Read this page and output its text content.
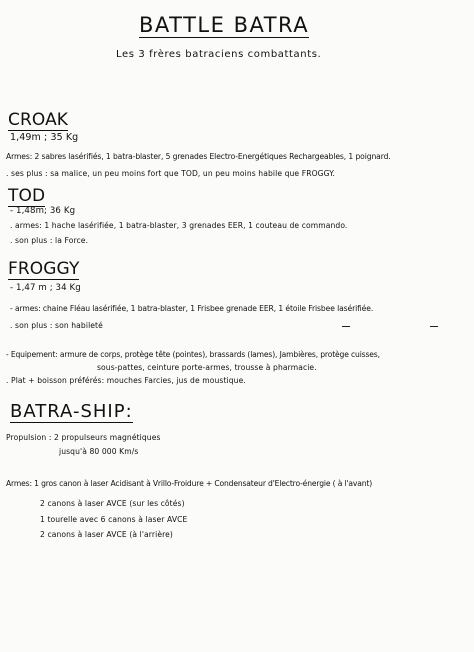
BATTLE BATRA
Les 3 frères batraciens combattants.
CROAK
1,49m ; 35 Kg
Armes: 2 sabres lasérifiés, 1 batra-blaster, 5 grenades Electro-Energétiques Rechargeables, 1 poignard.
. ses plus : sa malice, un peu moins fort que TOD, un peu moins habile que FROGGY.
TOD
- 1,48m; 36 Kg
. armes: 1 hache lasérifiée, 1 batra-blaster, 3 grenades EER, 1 couteau de commando.
. son plus : la Force.
FROGGY
- 1,47 m ; 34 Kg
- armes: chaine Fléau lasérifiée, 1 batra-blaster, 1 Frisbee grenade EER, 1 étoile Frisbee lasérifiée.
. son plus : son habileté
- Equipement: armure de corps, protège tête (pointes), brassards (lames), Jambières, protège cuisses,
sous-pattes, ceinture porte-armes, trousse à pharmacie.
. Plat + boisson préférés: mouches Farcies, jus de moustique.
BATRA-SHIP:
Propulsion : 2 propulseurs magnétiques
jusqu'à 80 000 Km/s
Armes: 1 gros canon à laser Acidisant à Vrillo-Froidure + Condensateur d'Electro-énergie ( à l'avant)
2 canons à laser AVCE (sur les côtés)
1 tourelle avec 6 canons à laser AVCE
2 canons à laser AVCE (à l'arrière)
